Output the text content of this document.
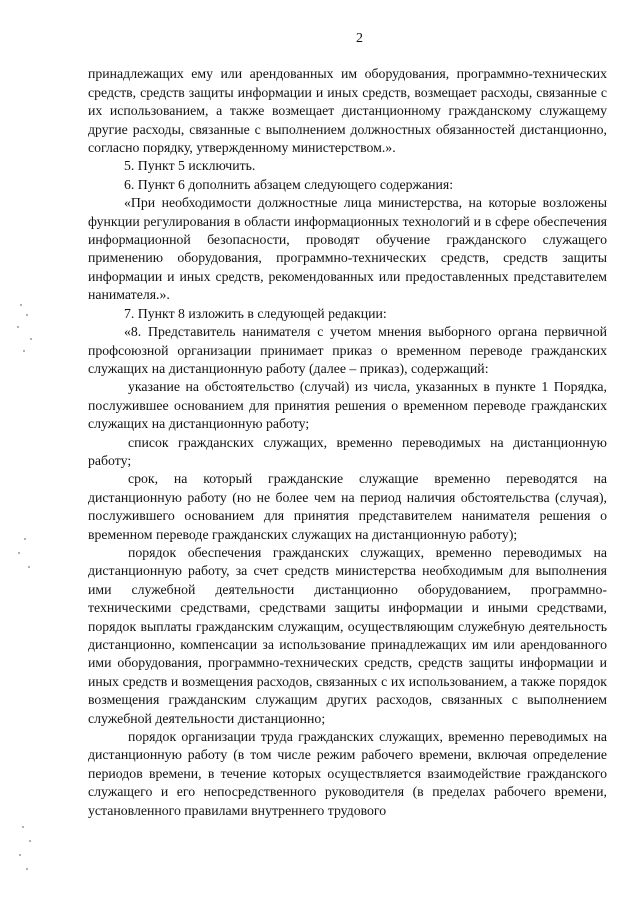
2

принадлежащих ему или арендованных им оборудования, программно-технических средств, средств защиты информации и иных средств, возмещает расходы, связанные с их использованием, а также возмещает дистанционному гражданскому служащему другие расходы, связанные с выполнением должностных обязанностей дистанционно, согласно порядку, утвержденному министерством.».

5. Пункт 5 исключить.

6. Пункт 6 дополнить абзацем следующего содержания:

«При необходимости должностные лица министерства, на которые возложены функции регулирования в области информационных технологий и в сфере обеспечения информационной безопасности, проводят обучение гражданского служащего применению оборудования, программно-технических средств, средств защиты информации и иных средств, рекомендованных или предоставленных представителем нанимателя.».

7. Пункт 8 изложить в следующей редакции:

«8. Представитель нанимателя с учетом мнения выборного органа первичной профсоюзной организации принимает приказ о временном переводе гражданских служащих на дистанционную работу (далее – приказ), содержащий:

указание на обстоятельство (случай) из числа, указанных в пункте 1 Порядка, послужившее основанием для принятия решения о временном переводе гражданских служащих на дистанционную работу;

список гражданских служащих, временно переводимых на дистанционную работу;

срок, на который гражданские служащие временно переводятся на дистанционную работу (но не более чем на период наличия обстоятельства (случая), послужившего основанием для принятия представителем нанимателя решения о временном переводе гражданских служащих на дистанционную работу);

порядок обеспечения гражданских служащих, временно переводимых на дистанционную работу, за счет средств министерства необходимым для выполнения ими служебной деятельности дистанционно оборудованием, программно-техническими средствами, средствами защиты информации и иными средствами, порядок выплаты гражданским служащим, осуществляющим служебную деятельность дистанционно, компенсации за использование принадлежащих им или арендованного ими оборудования, программно-технических средств, средств защиты информации и иных средств и возмещения расходов, связанных с их использованием, а также порядок возмещения гражданским служащим других расходов, связанных с выполнением служебной деятельности дистанционно;

порядок организации труда гражданских служащих, временно переводимых на дистанционную работу (в том числе режим рабочего времени, включая определение периодов времени, в течение которых осуществляется взаимодействие гражданского служащего и его непосредственного руководителя (в пределах рабочего времени, установленного правилами внутреннего трудового
